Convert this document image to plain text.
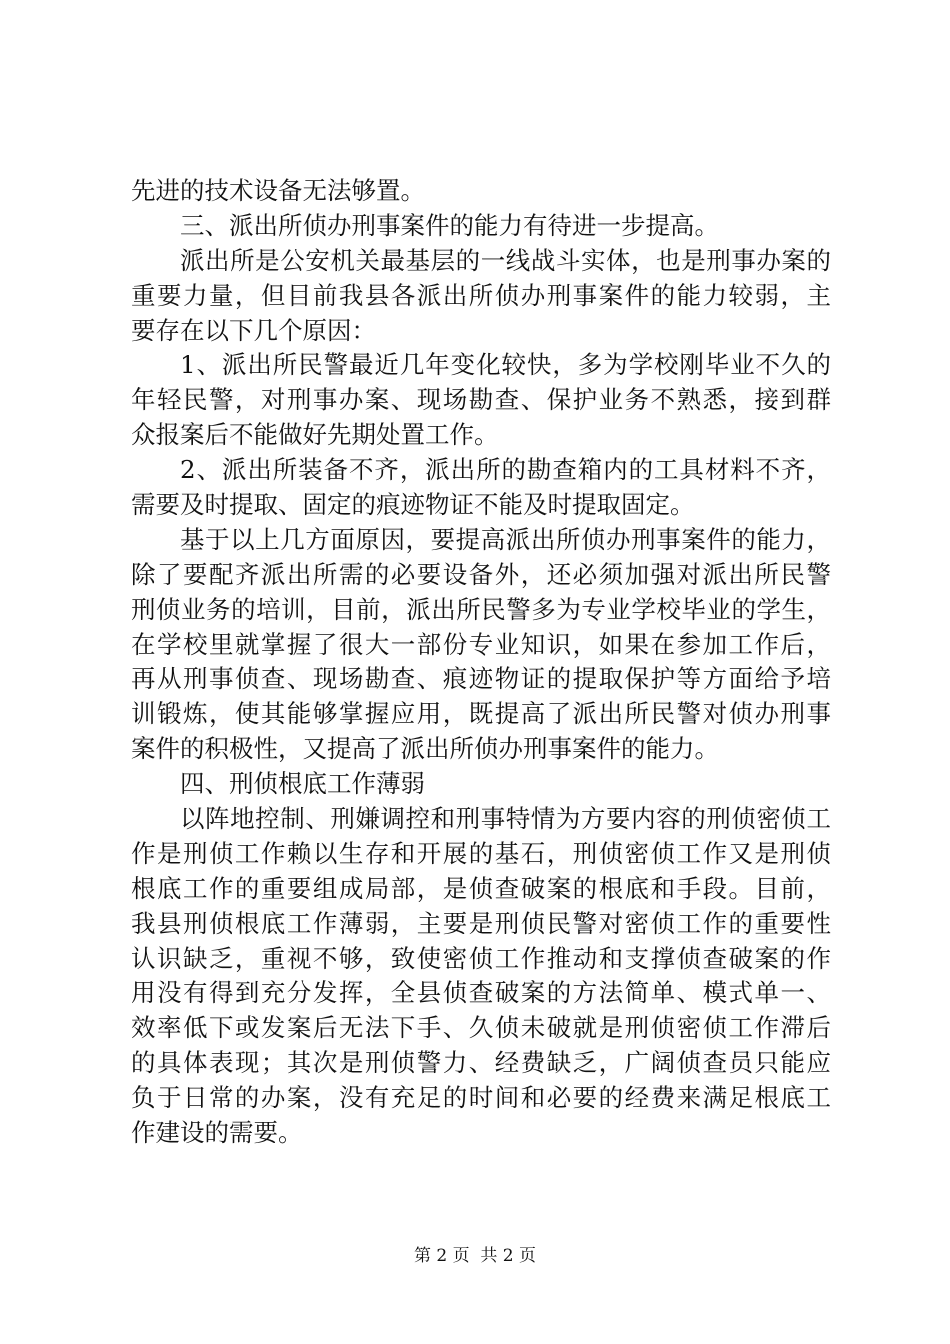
先进的技术设备无法够置。
三、派出所侦办刑事案件的能力有待进一步提高。
派出所是公安机关最基层的一线战斗实体，也是刑事办案的
重要力量，但目前我县各派出所侦办刑事案件的能力较弱，主
要存在以下几个原因：
1、派出所民警最近几年变化较快，多为学校刚毕业不久的
年轻民警，对刑事办案、现场勘查、保护业务不熟悉，接到群
众报案后不能做好先期处置工作。
2、派出所装备不齐，派出所的勘查箱内的工具材料不齐，
需要及时提取、固定的痕迹物证不能及时提取固定。
基于以上几方面原因，要提高派出所侦办刑事案件的能力，
除了要配齐派出所需的必要设备外，还必须加强对派出所民警
刑侦业务的培训，目前，派出所民警多为专业学校毕业的学生，
在学校里就掌握了很大一部份专业知识，如果在参加工作后，
再从刑事侦查、现场勘查、痕迹物证的提取保护等方面给予培
训锻炼，使其能够掌握应用，既提高了派出所民警对侦办刑事
案件的积极性，又提高了派出所侦办刑事案件的能力。
四、刑侦根底工作薄弱
以阵地控制、刑嫌调控和刑事特情为方要内容的刑侦密侦工
作是刑侦工作赖以生存和开展的基石，刑侦密侦工作又是刑侦
根底工作的重要组成局部，是侦查破案的根底和手段。目前，
我县刑侦根底工作薄弱，主要是刑侦民警对密侦工作的重要性
认识缺乏，重视不够，致使密侦工作推动和支撑侦查破案的作
用没有得到充分发挥，全县侦查破案的方法简单、模式单一、
效率低下或发案后无法下手、久侦未破就是刑侦密侦工作滞后
的具体表现；其次是刑侦警力、经费缺乏，广阔侦查员只能应
负于日常的办案，没有充足的时间和必要的经费来满足根底工
作建设的需要。
第 2 页  共 2 页
